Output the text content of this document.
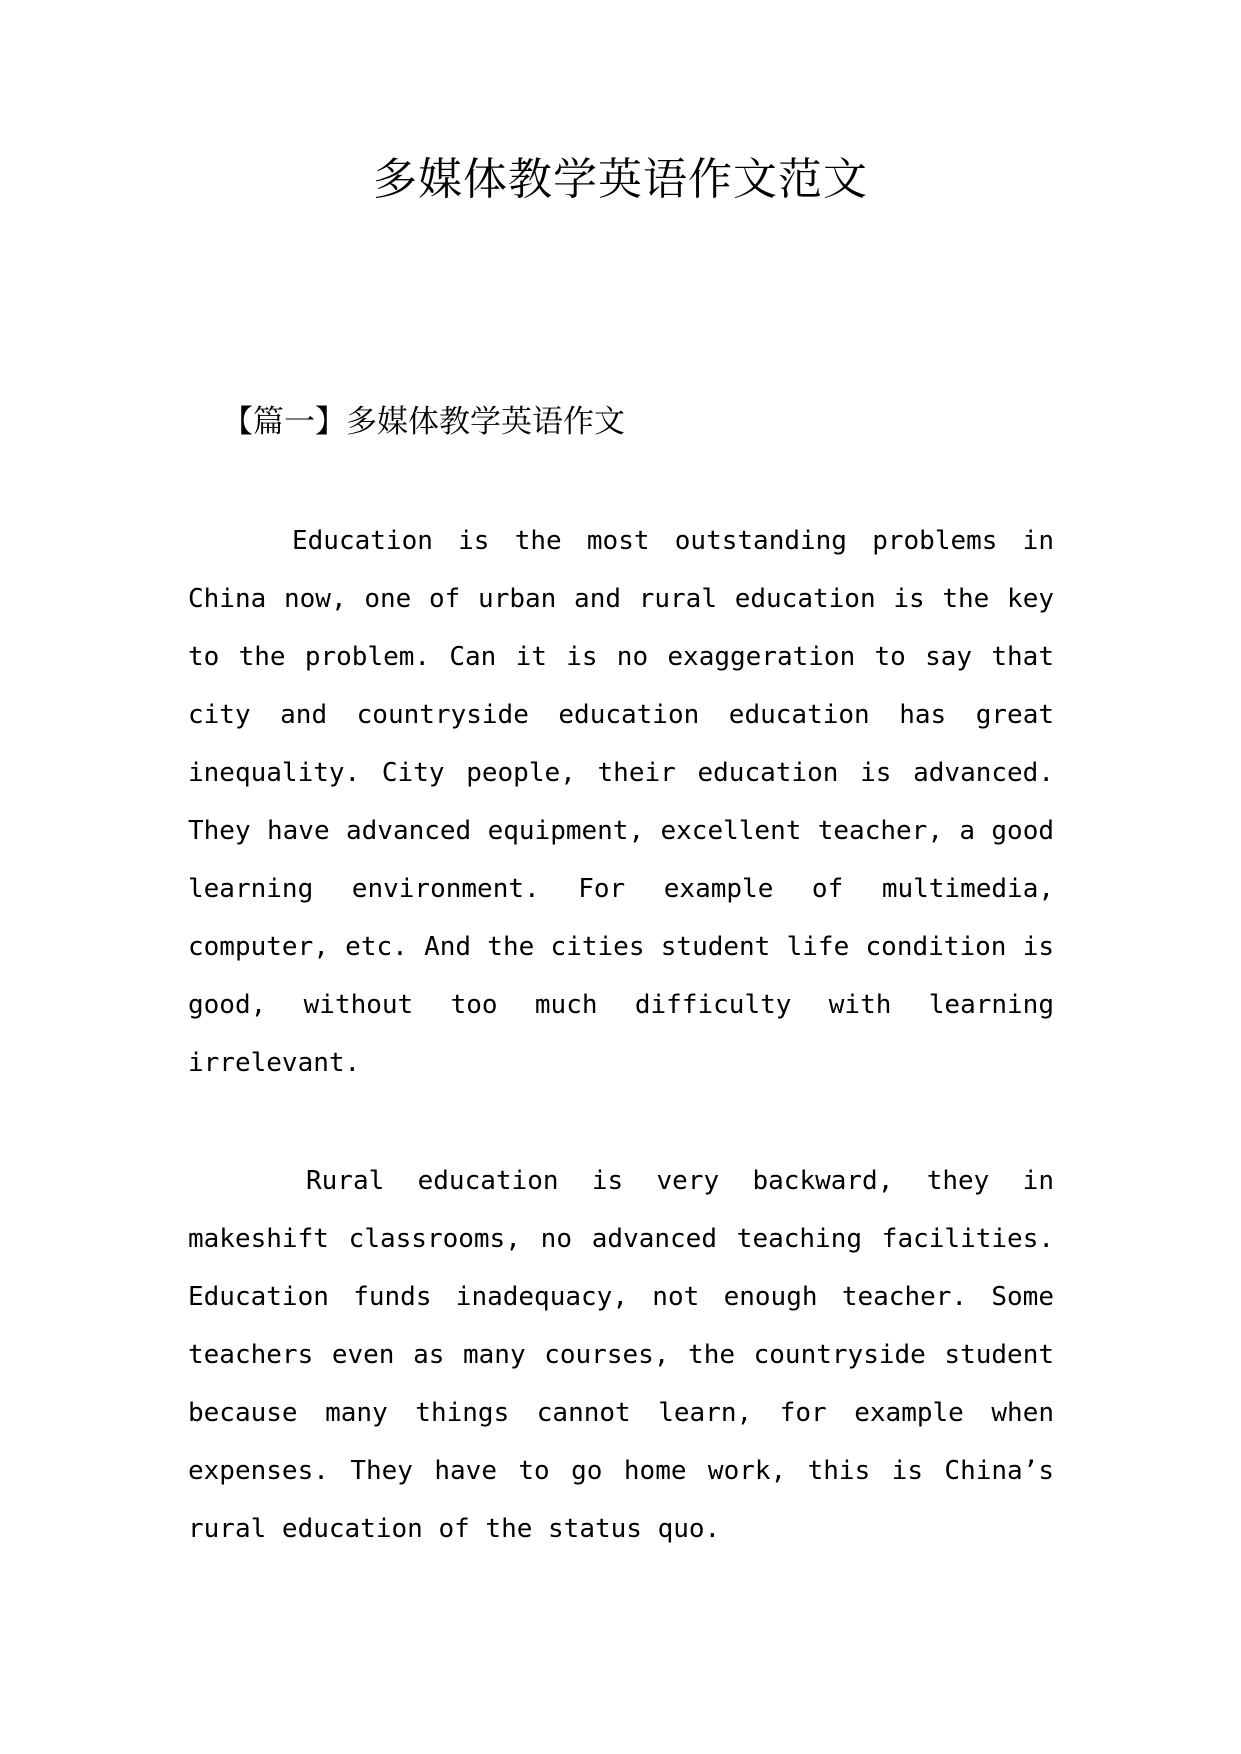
多媒体教学英语作文范文
【篇一】多媒体教学英语作文

Education is the most outstanding problems in China now, one of urban and rural education is the key to the problem. Can it is no exaggeration to say that city and countryside education education has great inequality. City people, their education is advanced. They have advanced equipment, excellent teacher, a good learning environment. For example of multimedia, computer, etc. And the cities student life condition is good, without too much difficulty with learning irrelevant.

Rural education is very backward, they in makeshift classrooms, no advanced teaching facilities. Education funds inadequacy, not enough teacher. Some teachers even as many courses, the countryside student because many things cannot learn, for example when expenses. They have to go home work, this is China’s rural education of the status quo.
